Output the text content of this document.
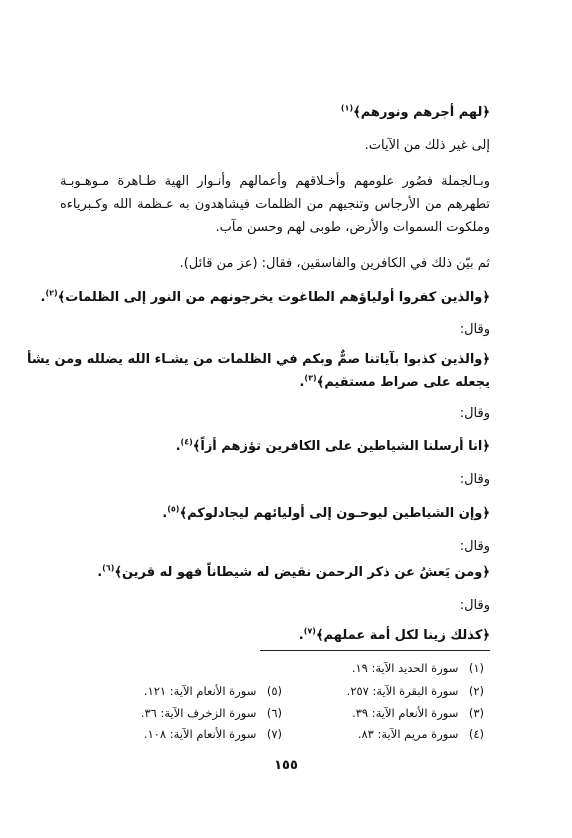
﴿لهم أجرهم ونورهم﴾$^{(١)}$
إلى غير ذلك من الآيات.
وبـالجملة فصُور علومهم وأخـلاقهم وأعمالهم وأنـوار الهية طـاهرة مـوهـوبـة
تطهرهم من الأرجاس وتنجيهم من الظلمات فيشاهدون به عـظمة الله وكـبرياءه
وملكوت السموات والأرض، طوبى لهم وحسن مآب.
ثم بيّن ذلك في الكافرين والفاسقين، فقال: (عز من قائل).
﴿والذين كفروا أولياؤهم الطاغوت يخرجونهم من النور إلى الظلمات﴾$^{(٢)}$.
وقال:
﴿والذين كذبوا بآياتنا صمٌّ وبكم في الظلمات من يشـاء الله يضلله ومن يشأ
يجعله على صراط مستقيم﴾$^{(٣)}$.
وقال:
﴿انا أرسلنا الشياطين على الكافرين تؤزهم أزاً﴾$^{(٤)}$.
وقال:
﴿وإن الشياطين ليوحـون إلى أوليائهم ليجادلوكم﴾$^{(٥)}$.
وقال:
﴿ومن يَعشُ عن ذكر الرحمن نقيض له شيطاناً فهو له قرين﴾$^{(٦)}$.
وقال:
﴿كذلك زينا لكل أمة عملهم﴾$^{(٧)}$.
(١) سورة الحديد الآية: ١٩.
(٢) سورة البقرة الآية: ٢٥٧.
(٣) سورة الأنعام الآية: ٣٩.
(٤) سورة مريم الآية: ٨٣.
(٥) سورة الأنعام الآية: ١٢١.
(٦) سورة الزخرف الآية: ٣٦.
(٧) سورة الأنعام الآية: ١٠٨.
١٥٥
